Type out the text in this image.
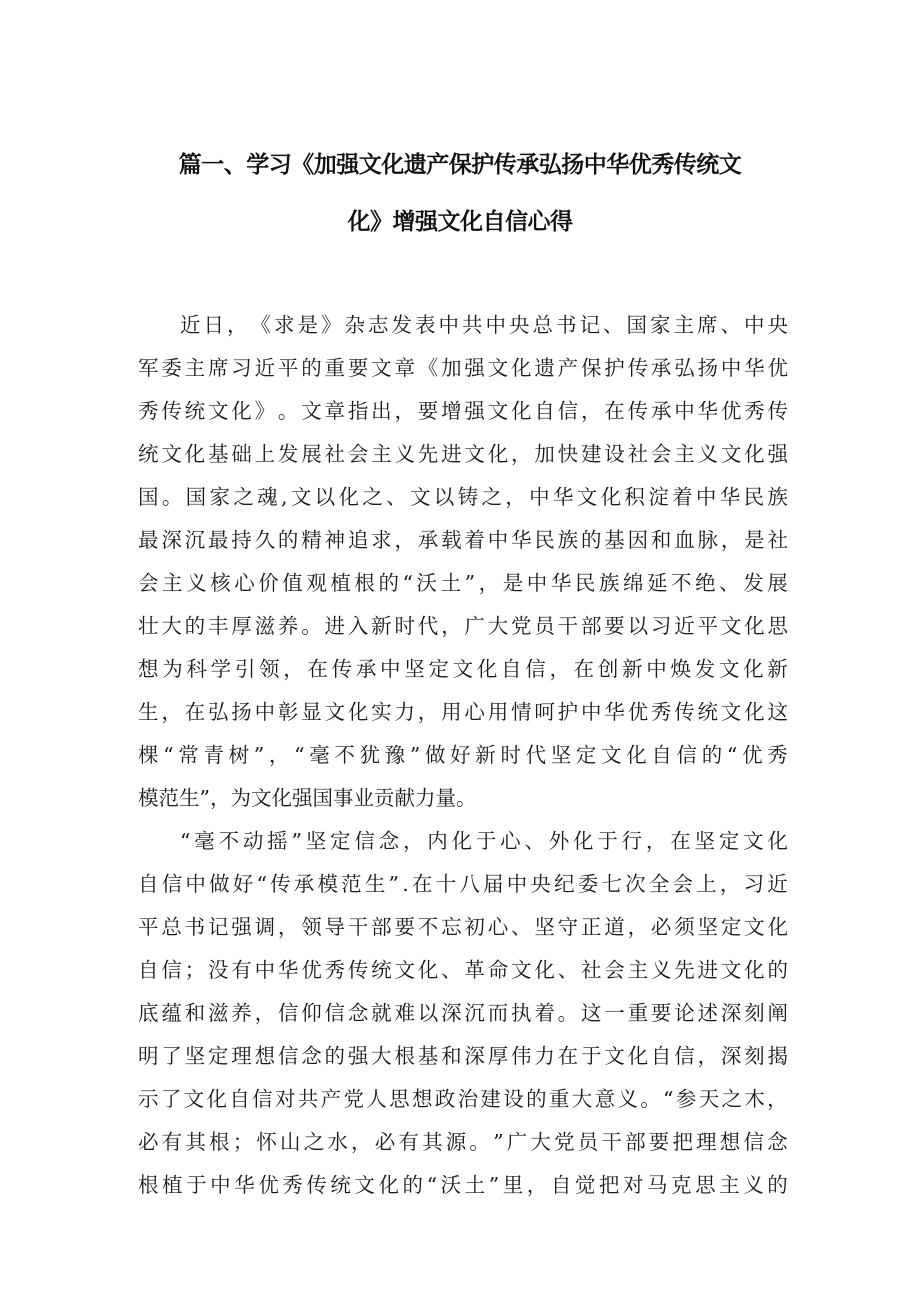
篇一、学习《加强文化遗产保护传承弘扬中华优秀传统文
化》增强文化自信心得
近 日 ， 《 求 是 》 杂 志 发 表 中 共 中 央 总 书 记 、 国 家 主 席 、 中 央
军 委 主 席 习 近 平 的 重 要 文 章 《 加 强 文 化 遗 产 保 护 传 承 弘 扬 中 华 优
秀 传 统 文 化 》 。 文 章 指 出 ， 要 增 强 文 化 自 信 ， 在 传 承 中 华 优 秀 传
统 文 化 基 础 上 发 展 社 会 主 义 先 进 文 化 ， 加 快 建 设 社 会 主 义 文 化 强
国 。 国 家 之 魂 , 文 以 化 之 、 文 以 铸 之 ， 中 华 文 化 积 淀 着 中 华 民 族
最 深 沉 最 持 久 的 精 神 追 求 ， 承 载 着 中 华 民 族 的 基 因 和 血 脉 ， 是 社
会 主 义 核 心 价 值 观 植 根 的 “ 沃 土 ” ， 是 中 华 民 族 绵 延 不 绝 、 发 展
壮 大 的 丰 厚 滋 养 。 进 入 新 时 代 ， 广 大 党 员 干 部 要 以 习 近 平 文 化 思
想 为 科 学 引 领 ， 在 传 承 中 坚 定 文 化 自 信 ， 在 创 新 中 焕 发 文 化 新
生 ， 在 弘 扬 中 彰 显 文 化 实 力 ， 用 心 用 情 呵 护 中 华 优 秀 传 统 文 化 这
棵 “ 常 青 树 ” ， “ 毫 不 犹 豫 ” 做 好 新 时 代 坚 定 文 化 自 信 的 “ 优 秀
模 范 生 ” ， 为 文 化 强 国 事 业 贡 献 力 量 。
“ 毫 不 动 摇 ” 坚 定 信 念 ， 内 化 于 心 、 外 化 于 行 ， 在 坚 定 文 化
自 信 中 做 好 “ 传 承 模 范 生 ” . 在 十 八 届 中 央 纪 委 七 次 全 会 上 ， 习 近
平 总 书 记 强 调 ， 领 导 干 部 要 不 忘 初 心 、 坚 守 正 道 ， 必 须 坚 定 文 化
自 信 ； 没 有 中 华 优 秀 传 统 文 化 、 革 命 文 化 、 社 会 主 义 先 进 文 化 的
底 蕴 和 滋 养 ， 信 仰 信 念 就 难 以 深 沉 而 执 着 。 这 一 重 要 论 述 深 刻 阐
明 了 坚 定 理 想 信 念 的 强 大 根 基 和 深 厚 伟 力 在 于 文 化 自 信 ， 深 刻 揭
示 了 文 化 自 信 对 共 产 党 人 思 想 政 治 建 设 的 重 大 意 义 。 “ 参 天 之 木 ，
必 有 其 根 ； 怀 山 之 水 ， 必 有 其 源 。 ” 广 大 党 员 干 部 要 把 理 想 信 念
根 植 于 中 华 优 秀 传 统 文 化 的 “ 沃 土 ” 里 ， 自 觉 把 对 马 克 思 主 义 的
